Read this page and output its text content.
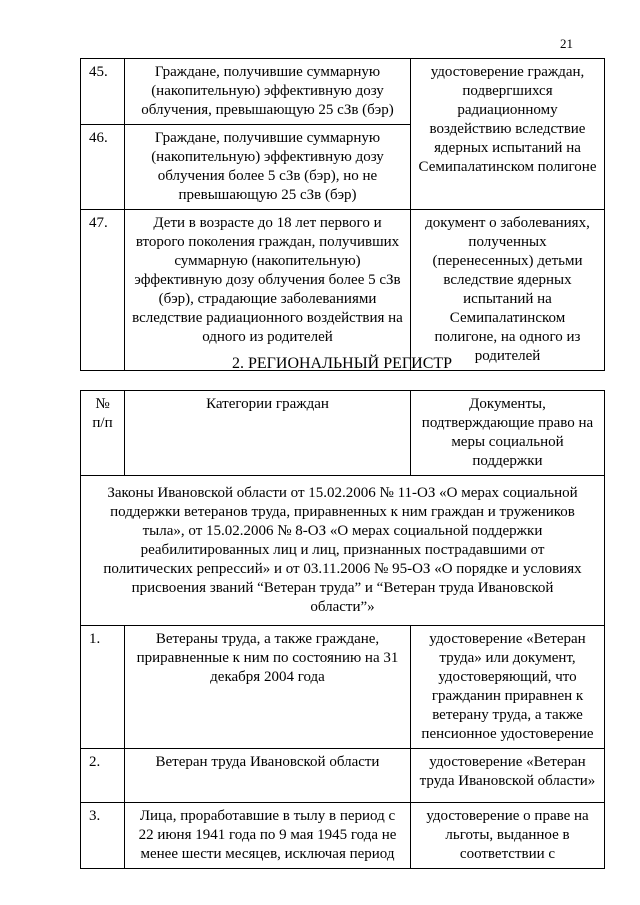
21
45.	Граждане, получившие суммарную (накопительную) эффективную дозу облучения, превышающую 25 сЗв (бэр)	удостоверение граждан, подвергшихся радиационному воздействию вследствие ядерных испытаний на Семипалатинском полигоне
46.	Граждане, получившие суммарную (накопительную) эффективную дозу облучения более 5 сЗв (бэр), но не превышающую 25 сЗв (бэр)	
47.	Дети в возрасте до 18 лет первого и второго поколения граждан, получивших суммарную (накопительную) эффективную дозу облучения более 5 сЗв (бэр), страдающие заболеваниями вследствие радиационного воздействия на одного из родителей	документ о заболеваниях, полученных (перенесенных) детьми вследствие ядерных испытаний на Семипалатинском полигоне, на одного из родителей
2. РЕГИОНАЛЬНЫЙ РЕГИСТР
№
п/п	Категории граждан	Документы, подтверждающие право на меры социальной поддержки
Законы Ивановской области от 15.02.2006 № 11-ОЗ «О мерах социальной поддержки ветеранов труда, приравненных к ним граждан и тружеников тыла», от 15.02.2006 № 8-ОЗ «О мерах социальной поддержки реабилитированных лиц и лиц, признанных пострадавшими от политических репрессий» и от 03.11.2006 № 95-ОЗ «О порядке и условиях присвоения званий “Ветеран труда” и “Ветеран труда Ивановской области”»		
1.	Ветераны труда, а также граждане, приравненные к ним по состоянию на 31 декабря 2004 года	удостоверение «Ветеран труда» или документ, удостоверяющий, что гражданин приравнен к ветерану труда, а также пенсионное удостоверение
2.	Ветеран труда Ивановской области	удостоверение «Ветеран труда Ивановской области»
3.	Лица, проработавшие в тылу в период с 22 июня 1941 года по 9 мая 1945 года не менее шести месяцев, исключая период	удостоверение о праве на льготы, выданное в соответствии с
